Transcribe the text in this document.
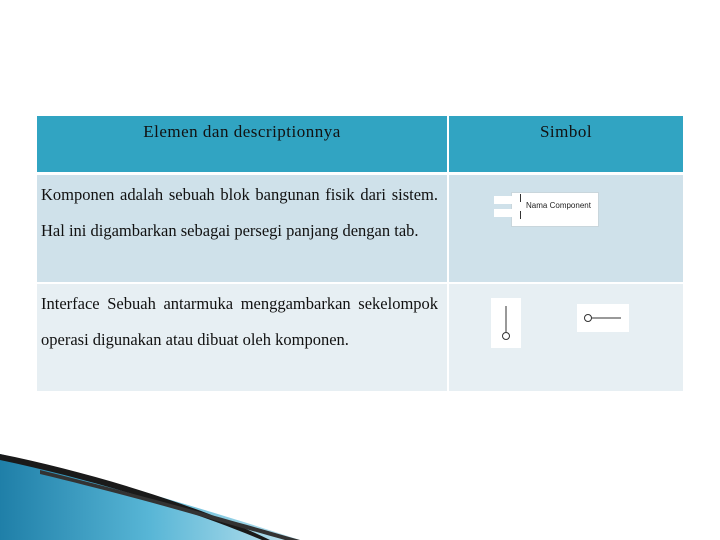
Elemen dan descriptionnya	Simbol

Komponen adalah sebuah blok bangunan fisik dari sistem. Hal ini digambarkan sebagai persegi panjang dengan tab.	Nama Component

Interface Sebuah antarmuka menggambarkan sekelompok operasi digunakan atau dibuat oleh komponen.	
